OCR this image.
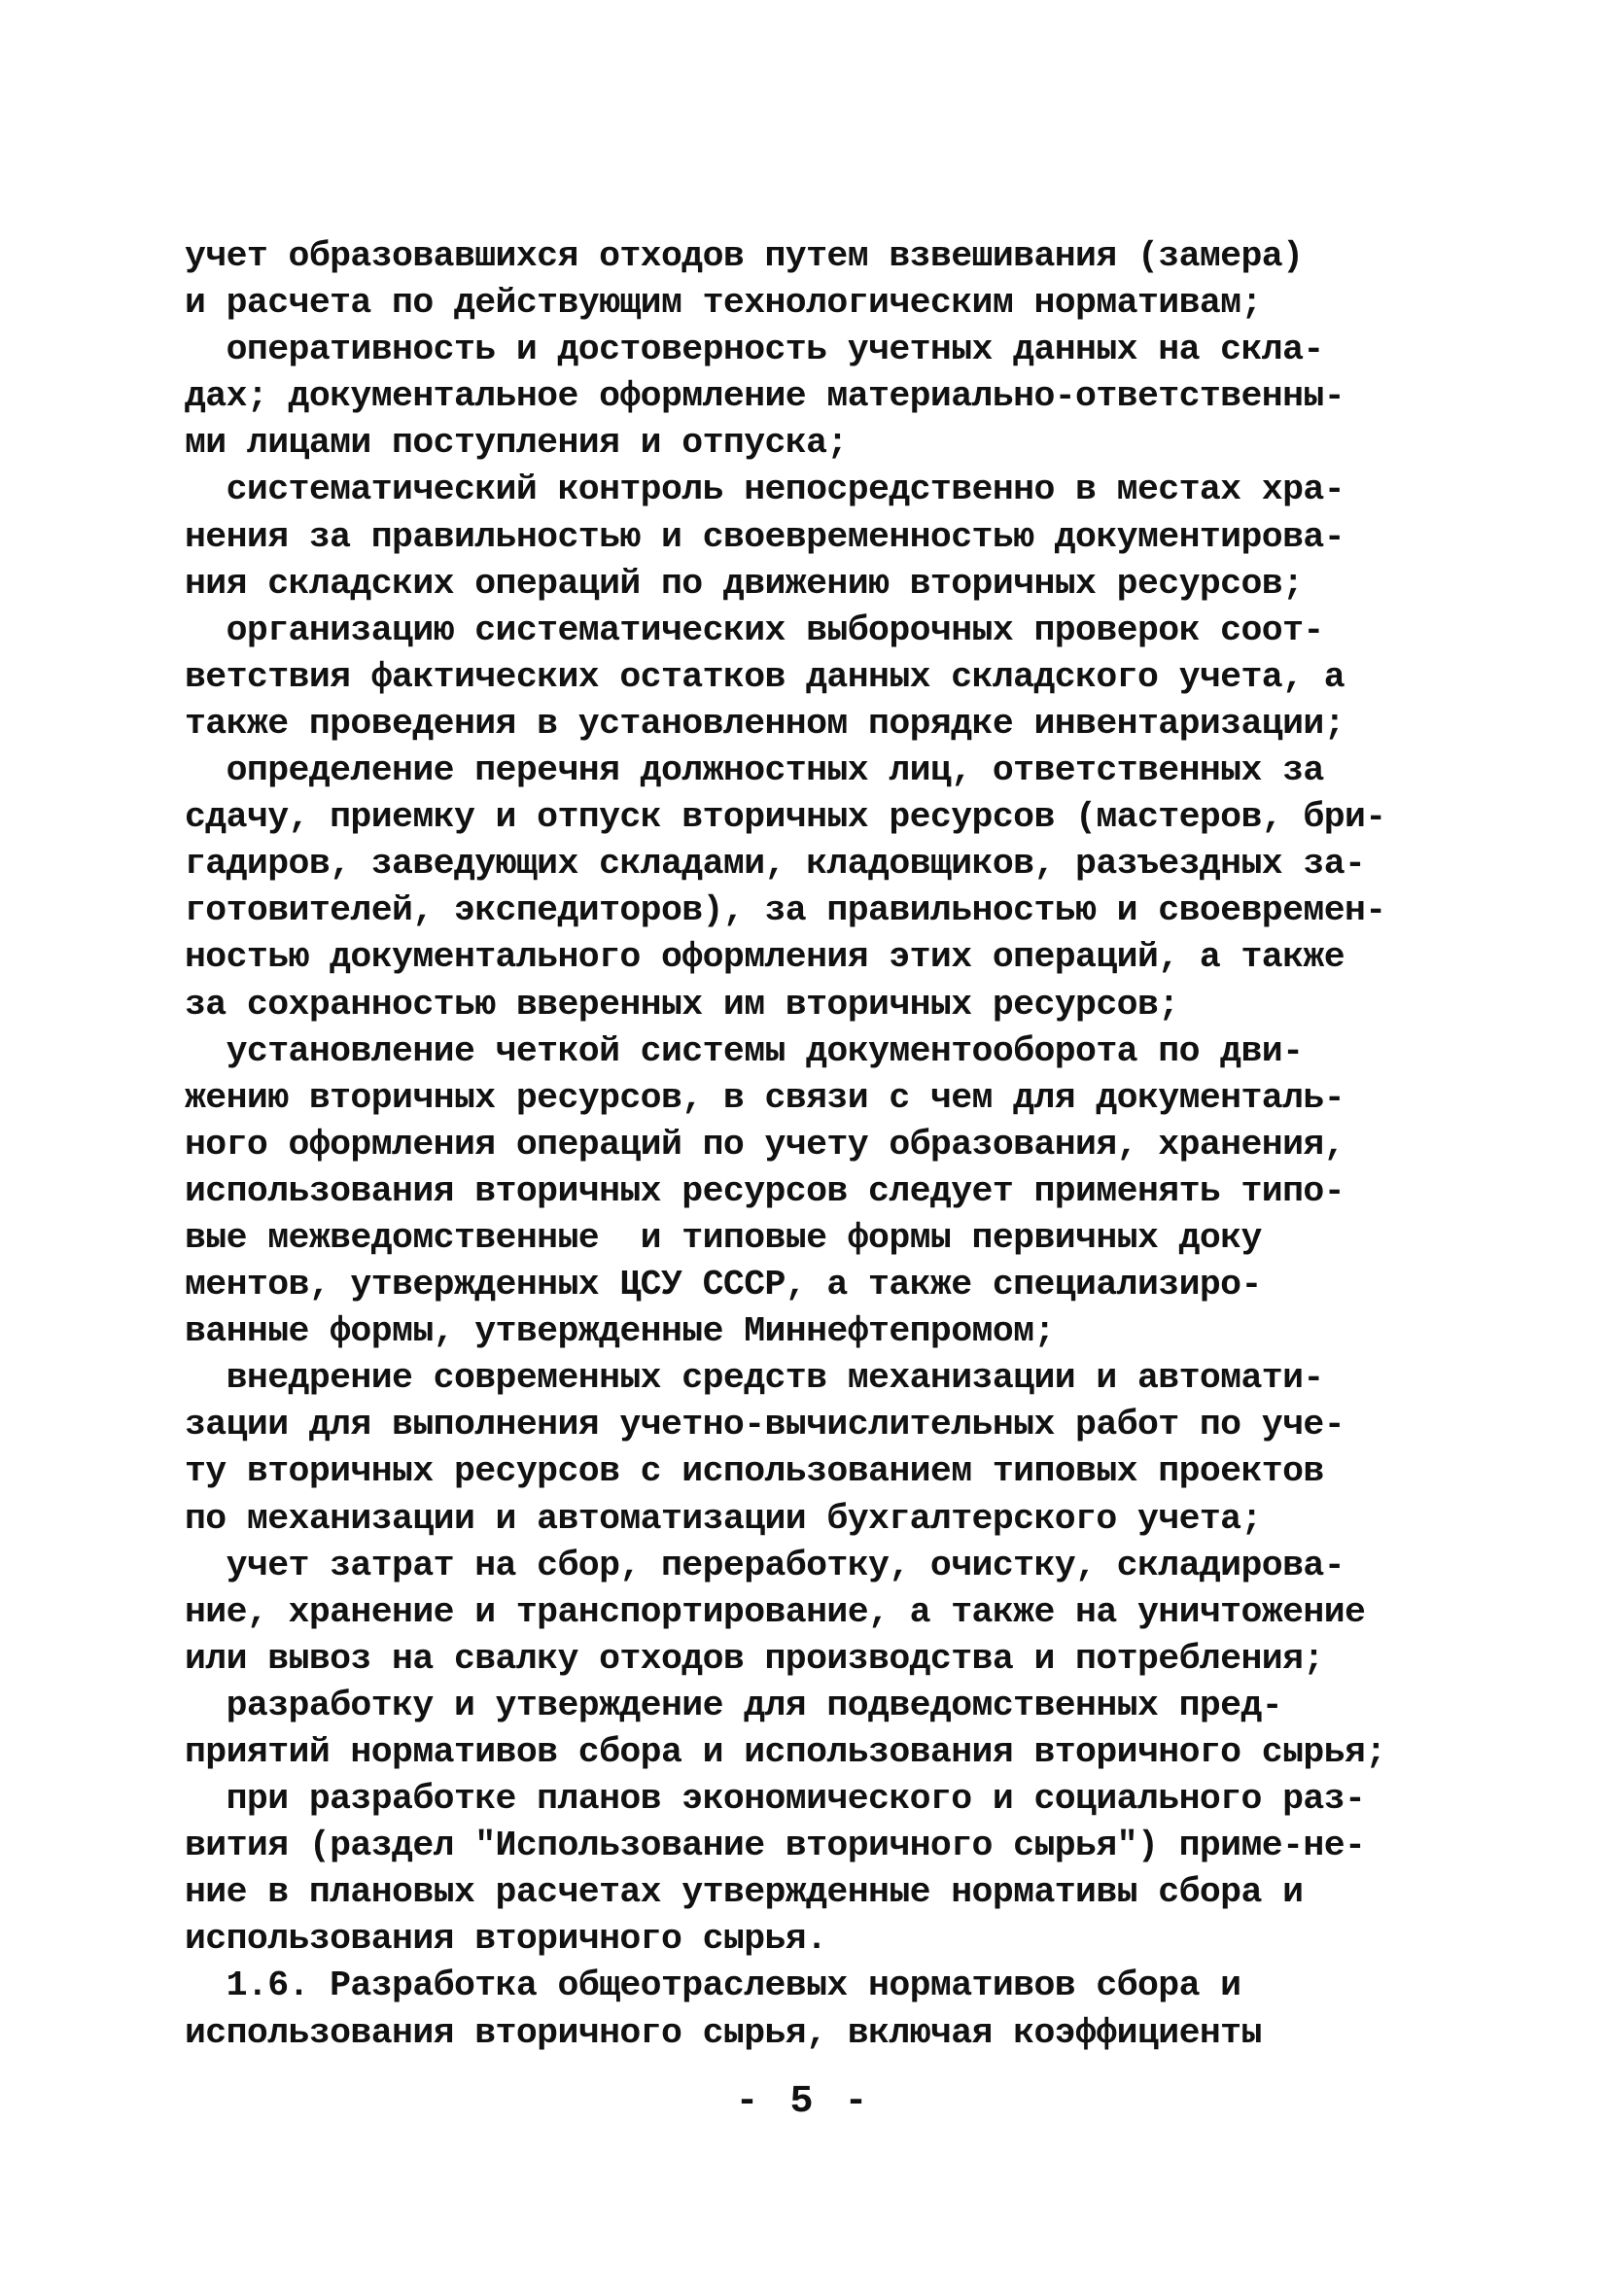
учет образовавшихся отходов путем взвешивания (замера)
и расчета по действующим технологическим нормативам;
оперативность и достоверность учетных данных на скла-
дах; документальное оформление материально-ответственны-
ми лицами поступления и отпуска;
систематический контроль непосредственно в местах хра-
нения за правильностью и своевременностью документирова-
ния складских операций по движению вторичных ресурсов;
организацию систематических выборочных проверок соот-
ветствия фактических остатков данных складского учета, а
также проведения в установленном порядке инвентаризации;
определение перечня должностных лиц, ответственных за
сдачу, приемку и отпуск вторичных ресурсов (мастеров, бри-
гадиров, заведующих складами, кладовщиков, разъездных за-
готовителей, экспедиторов), за правильностью и своевремен-
ностью документального оформления этих операций, а также
за сохранностью вверенных им вторичных ресурсов;
установление четкой системы документооборота по дви-
жению вторичных ресурсов, в связи с чем для документаль-
ного оформления операций по учету образования, хранения,
использования вторичных ресурсов следует применять типо-
вые межведомственные  и типовые формы первичных доку
ментов, утвержденных ЦСУ СССР, а также специализиро-
ванные формы, утвержденные Миннефтепромом;
внедрение современных средств механизации и автомати-
зации для выполнения учетно-вычислительных работ по уче-
ту вторичных ресурсов с использованием типовых проектов
по механизации и автоматизации бухгалтерского учета;
учет затрат на сбор, переработку, очистку, складирова-
ние, хранение и транспортирование, а также на уничтожение
или вывоз на свалку отходов производства и потребления;
разработку и утверждение для подведомственных пред-
приятий нормативов сбора и использования вторичного сырья;
при разработке планов экономического и социального раз-
вития (раздел "Использование вторичного сырья") приме-не-
ние в плановых расчетах утвержденные нормативы сбора и
использования вторичного сырья.
1.6. Разработка общеотраслевых нормативов сбора и
использования вторичного сырья, включая коэффициенты
- 5 -
